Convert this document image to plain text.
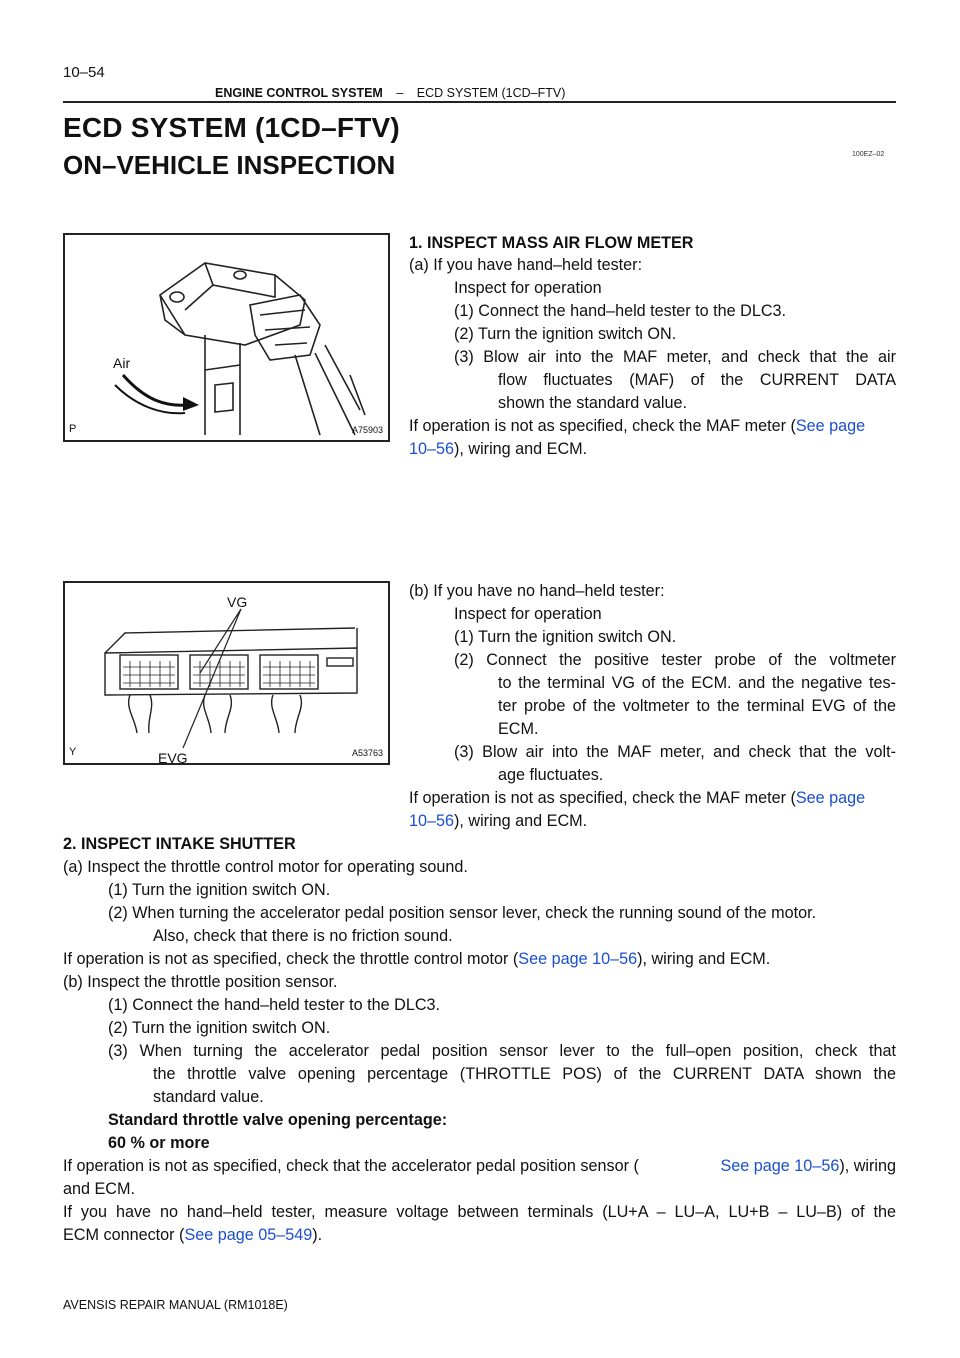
10–54
ENGINE CONTROL SYSTEM – ECD SYSTEM (1CD–FTV)
ECD SYSTEM (1CD–FTV)
ON–VEHICLE INSPECTION	100EZ–02
Air
P	A75903
VG
EVG
Y	A53763
1. INSPECT MASS AIR FLOW METER
(a) If you have hand–held tester:
Inspect for operation
(1) Connect the hand–held tester to the DLC3.
(2) Turn the ignition switch ON.
(3) Blow air into the MAF meter, and check that the air
flow fluctuates (MAF) of the CURRENT DATA
shown the standard value.
If operation is not as specified, check the MAF meter (See page
10–56), wiring and ECM.
(b) If you have no hand–held tester:
Inspect for operation
(1) Turn the ignition switch ON.
(2) Connect the positive tester probe of the voltmeter
to the terminal VG of the ECM. and the negative tes-
ter probe of the voltmeter to the terminal EVG of the
ECM.
(3) Blow air into the MAF meter, and check that the volt-
age fluctuates.
If operation is not as specified, check the MAF meter (See page
10–56), wiring and ECM.
2. INSPECT INTAKE SHUTTER
(a) Inspect the throttle control motor for operating sound.
(1) Turn the ignition switch ON.
(2) When turning the accelerator pedal position sensor lever, check the running sound of the motor.
Also, check that there is no friction sound.
If operation is not as specified, check the throttle control motor (See page 10–56), wiring and ECM.
(b) Inspect the throttle position sensor.
(1) Connect the hand–held tester to the DLC3.
(2) Turn the ignition switch ON.
(3) When turning the accelerator pedal position sensor lever to the full–open position, check that
the throttle valve opening percentage (THROTTLE POS) of the CURRENT DATA shown the
standard value.
Standard throttle valve opening percentage:
60 % or more
If operation is not as specified, check that the accelerator pedal position sensor (	See page 10–56), wiring
and ECM.
If you have no hand–held tester, measure voltage between terminals (LU+A – LU–A, LU+B – LU–B) of the
ECM connector (See page 05–549).
AVENSIS REPAIR MANUAL (RM1018E)
